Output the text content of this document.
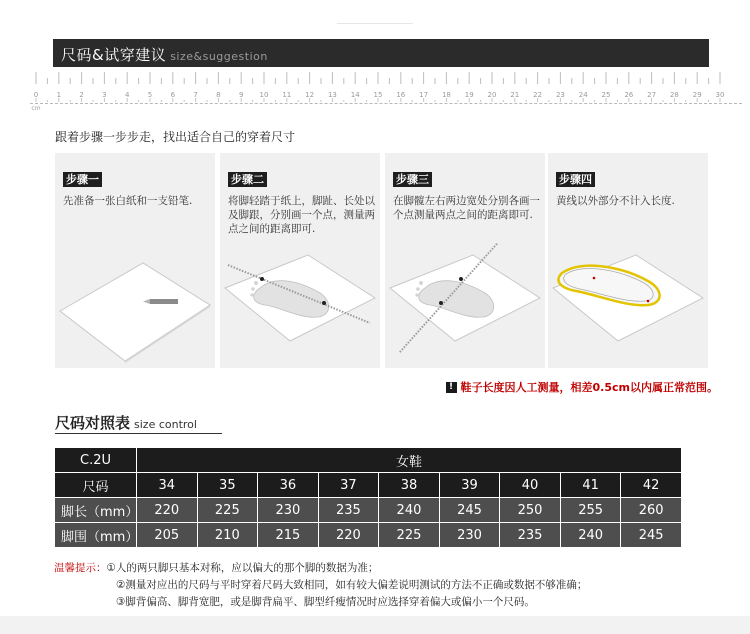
尺码&试穿建议 size&suggestion
0	1	2	3	4	5	6	7	8	9 10 11 12 13 14 15 16 17 18 19 20 21 22 23 24 25 26 27 28 29 30
cm
跟着步骤一步步走，找出适合自己的穿着尺寸
步骤一
先准备一张白纸和一支铅笔.
步骤二
将脚轻踏于纸上，脚趾、长处以及脚跟，分别画一个点，测量两点之间的距离即可.
步骤三
在脚髋左右两边宽处分别各画一个点测量两点之间的距离即可.
步骤四
黄线以外部分不计入长度.
! 鞋子长度因人工测量，相差0.5cm以内属正常范围。
尺码对照表 size control
C.2U	女鞋								
尺码	34	35	36	37	38	39	40	41	42
脚长（mm）	220	225	230	235	240	245	250	255	260
脚围（mm）	205	210	215	220	225	230	235	240	245
温馨提示：①人的两只脚只基本对称，应以偏大的那个脚的数据为准；
②测量对应出的尺码与平时穿着尺码大致相同，如有较大偏差说明测试的方法不正确或数据不够准确；
③脚背偏高、脚背宽肥，或是脚背扁平、脚型纤瘦情况时应选择穿着偏大或偏小一个尺码。
